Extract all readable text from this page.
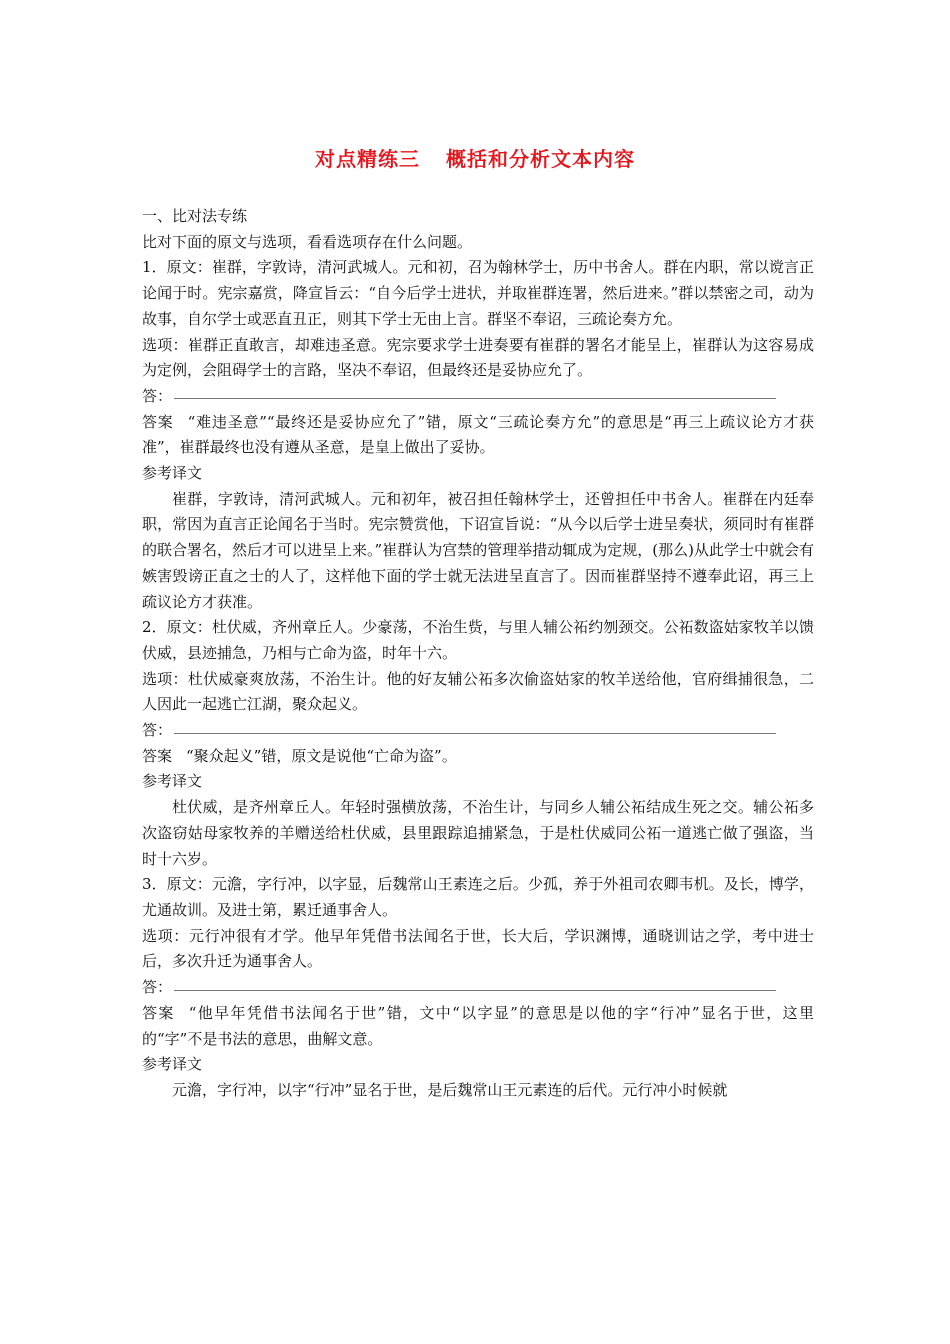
对点精练三 概括和分析文本内容

一、比对法专练

比对下面的原文与选项，看看选项存在什么问题。

1．原文：崔群，字敦诗，清河武城人。元和初，召为翰林学士，历中书舍人。群在内职，常以谠言正论闻于时。宪宗嘉赏，降宣旨云：“自今后学士进状，并取崔群连署，然后进来。”群以禁密之司，动为故事，自尔学士或恶直丑正，则其下学士无由上言。群坚不奉诏，三疏论奏方允。

选项：崔群正直敢言，却难违圣意。宪宗要求学士进奏要有崔群的署名才能呈上，崔群认为这容易成为定例，会阻碍学士的言路，坚决不奉诏，但最终还是妥协应允了。

答：

答案 “难违圣意”“最终还是妥协应允了”错，原文“三疏论奏方允”的意思是“再三上疏议论方才获准”，崔群最终也没有遵从圣意，是皇上做出了妥协。

参考译文

崔群，字敦诗，清河武城人。元和初年，被召担任翰林学士，还曾担任中书舍人。崔群在内廷奉职，常因为直言正论闻名于当时。宪宗赞赏他，下诏宣旨说：“从今以后学士进呈奏状，须同时有崔群的联合署名，然后才可以进呈上来。”崔群认为宫禁的管理举措动辄成为定规，(那么)从此学士中就会有嫉害毁谤正直之士的人了，这样他下面的学士就无法进呈直言了。因而崔群坚持不遵奉此诏，再三上疏议论方才获准。

2．原文：杜伏威，齐州章丘人。少豪荡，不治生赀，与里人辅公祏约刎颈交。公祏数盗姑家牧羊以馈伏威，县迹捕急，乃相与亡命为盗，时年十六。

选项：杜伏威豪爽放荡，不治生计。他的好友辅公祏多次偷盗姑家的牧羊送给他，官府缉捕很急，二人因此一起逃亡江湖，聚众起义。

答：

答案 “聚众起义”错，原文是说他“亡命为盗”。

参考译文

杜伏威，是齐州章丘人。年轻时强横放荡，不治生计，与同乡人辅公祏结成生死之交。辅公祏多次盗窃姑母家牧养的羊赠送给杜伏威，县里跟踪追捕紧急，于是杜伏威同公祏一道逃亡做了强盗，当时十六岁。

3．原文：元澹，字行冲，以字显，后魏常山王素连之后。少孤，养于外祖司农卿韦机。及长，博学，尤通故训。及进士第，累迁通事舍人。

选项：元行冲很有才学。他早年凭借书法闻名于世，长大后，学识渊博，通晓训诂之学，考中进士后，多次升迁为通事舍人。

答：

答案 “他早年凭借书法闻名于世”错，文中“以字显”的意思是以他的字“行冲”显名于世，这里的“字”不是书法的意思，曲解文意。

参考译文

元澹，字行冲，以字“行冲”显名于世，是后魏常山王元素连的后代。元行冲小时候就
